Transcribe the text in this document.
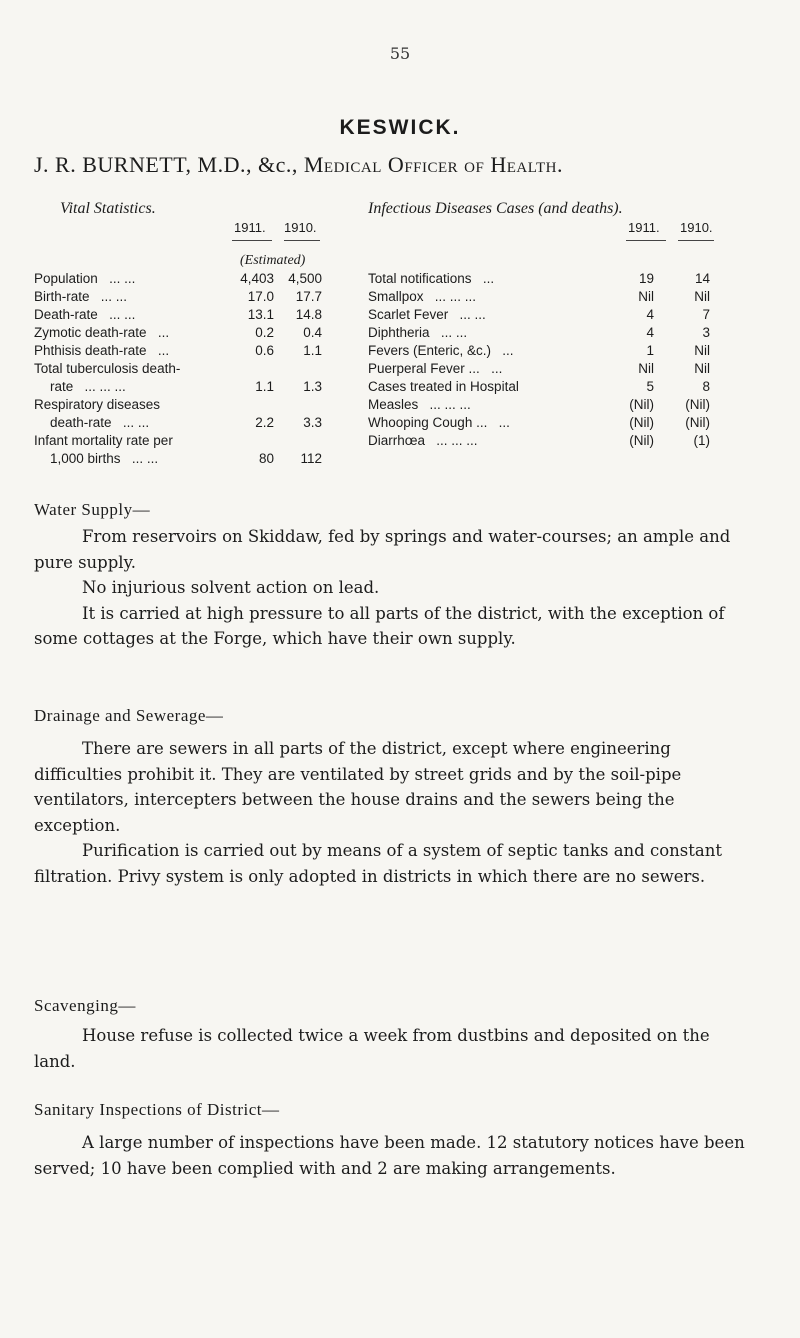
55
KESWICK.
J. R. BURNETT, M.D., &c., Medical Officer of Health.
Vital Statistics.
1911. 1910.
(Estimated)
Infectious Diseases Cases (and deaths).
1911. 1910.
Population ... ...	4,403	4,500
Birth-rate ... ...	17.0	17.7
Death-rate ... ...	13.1	14.8
Zymotic death-rate ...	0.2	0.4
Phthisis death-rate ...	0.6	1.1
Total tuberculosis death-
rate ... ... ...	1.1	1.3
Respiratory diseases
death-rate ... ...	2.2	3.3
Infant mortality rate per
1,000 births ... ...	80	112
Total notifications ...	19	14
Smallpox ... ... ...	Nil	Nil
Scarlet Fever ... ...	4	7
Diphtheria ... ...	4	3
Fevers (Enteric, &c.) ...	1	Nil
Puerperal Fever ... ...	Nil	Nil
Cases treated in Hospital	5	8
Measles ... ... ...	(Nil)	(Nil)
Whooping Cough ... ...	(Nil)	(Nil)
Diarrhœa ... ... ...	(Nil)	(1)
Water Supply—

From reservoirs on Skiddaw, fed by springs and water-courses; an ample and pure supply.

No injurious solvent action on lead.

It is carried at high pressure to all parts of the district, with the exception of some cottages at the Forge, which have their own supply.

Drainage and Sewerage—

There are sewers in all parts of the district, except where engineering difficulties prohibit it. They are ventilated by street grids and by the soil-pipe ventilators, intercepters between the house drains and the sewers being the exception.

Purification is carried out by means of a system of septic tanks and constant filtration. Privy system is only adopted in districts in which there are no sewers.

Scavenging—

House refuse is collected twice a week from dustbins and deposited on the land.

Sanitary Inspections of District—

A large number of inspections have been made. 12 statutory notices have been served; 10 have been complied with and 2 are making arrangements.
